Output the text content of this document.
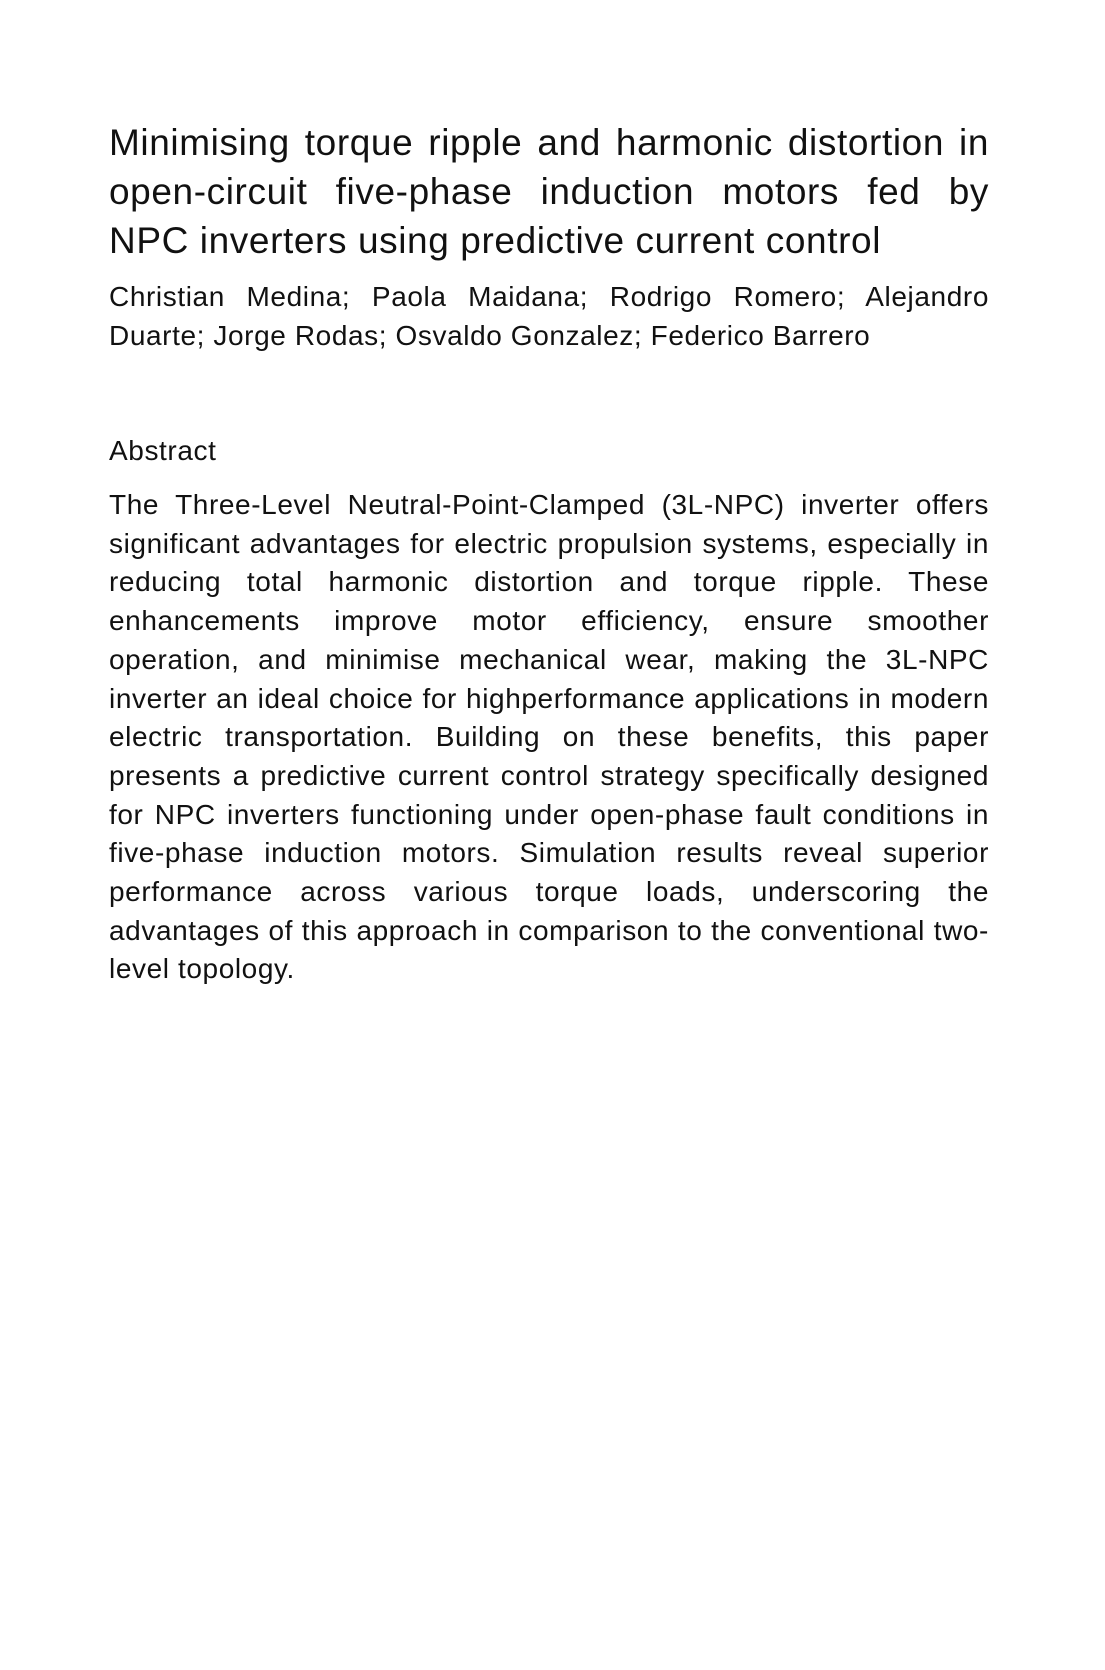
Minimising torque ripple and harmonic distortion in open-circuit five-phase induction motors fed by NPC inverters using predictive current control

Christian Medina; Paola Maidana; Rodrigo Romero; Alejandro Duarte; Jorge Rodas; Osvaldo Gonzalez; Federico Barrero

Abstract

The Three-Level Neutral-Point-Clamped (3L-NPC) inverter offers significant advantages for electric propulsion systems, especially in reducing total harmonic distortion and torque ripple. These enhancements improve motor efficiency, ensure smoother operation, and minimise mechanical wear, making the 3L-NPC inverter an ideal choice for highperformance applications in modern electric transportation. Building on these benefits, this paper presents a predictive current control strategy specifically designed for NPC inverters functioning under open-phase fault conditions in five-phase induction motors. Simulation results reveal superior performance across various torque loads, underscoring the advantages of this approach in comparison to the conventional two-level topology.
